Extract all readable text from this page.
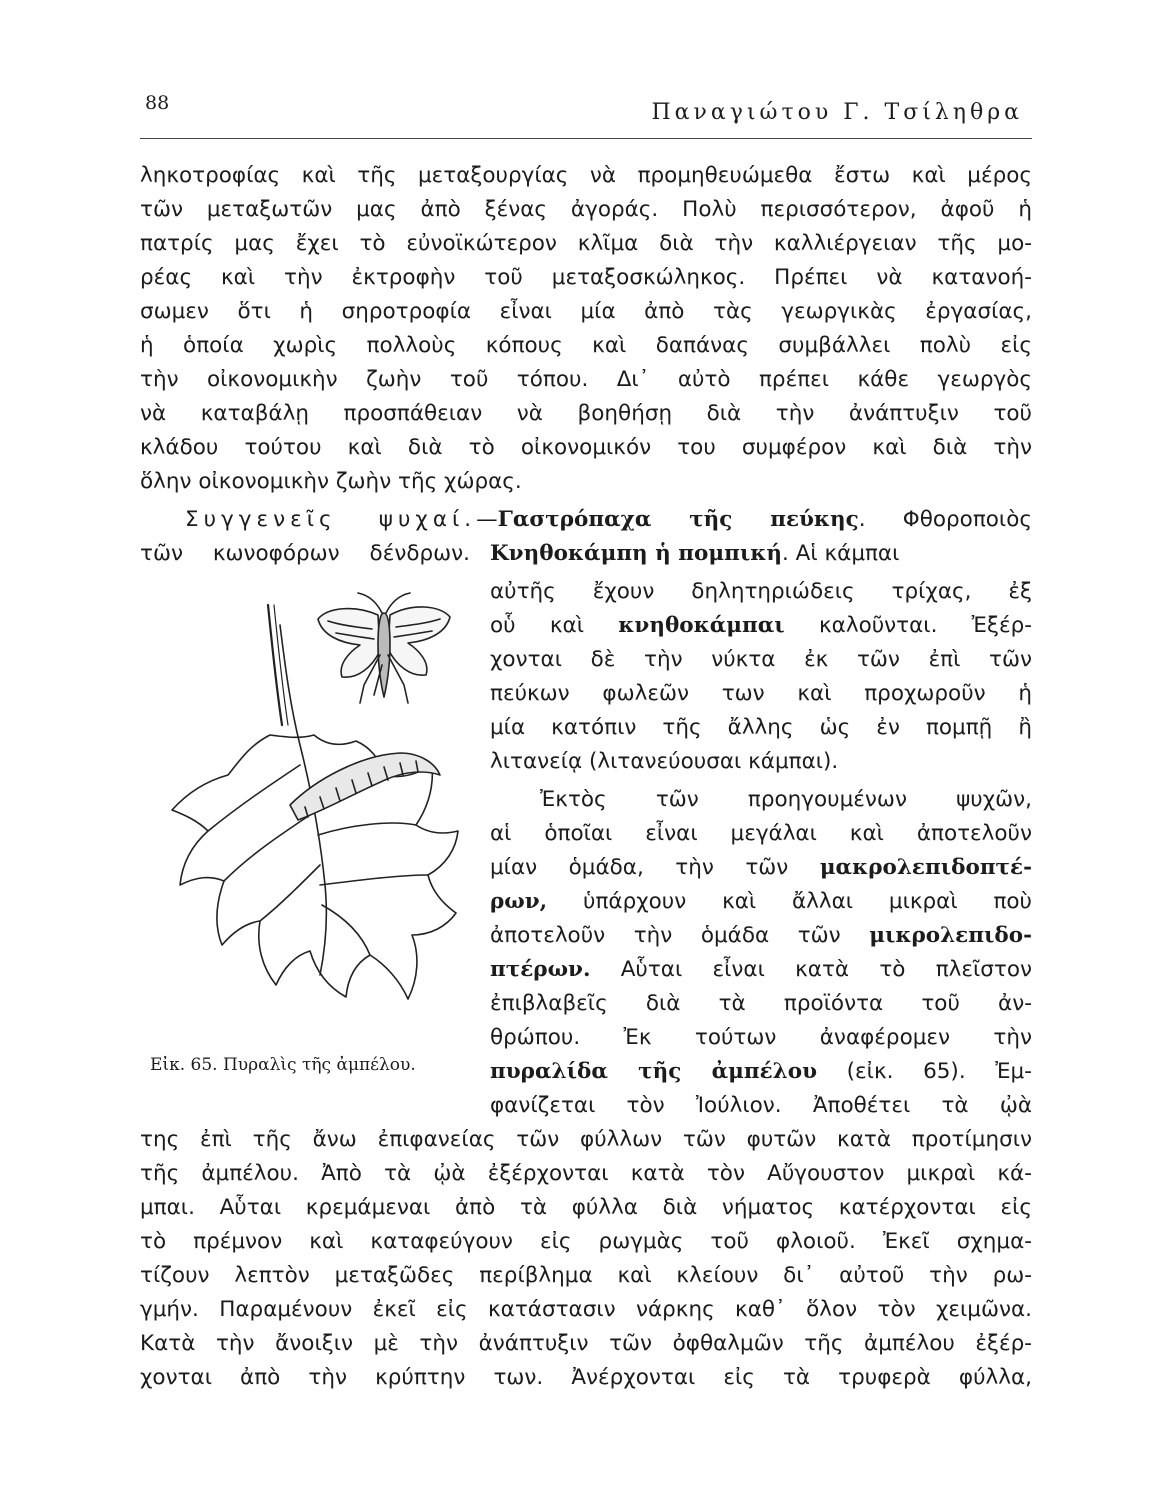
88	Παναγιώτου Γ. Τσίληθρα
ληκοτροφίας καὶ τῆς μεταξουργίας νὰ προμηθευώμεθα ἔστω καὶ μέρος
τῶν μεταξωτῶν μας ἀπὸ ξένας ἀγοράς. Πολὺ περισσότερον, ἀφοῦ ἡ
πατρίς μας ἔχει τὸ εὐνοϊκώτερον κλῖμα διὰ τὴν καλλιέργειαν τῆς μο-
ρέας καὶ τὴν ἐκτροφὴν τοῦ μεταξοσκώληκος. Πρέπει νὰ κατανοή-
σωμεν ὅτι ἡ σηροτροφία εἶναι μία ἀπὸ τὰς γεωργικὰς ἐργασίας,
ἡ ὁποία χωρὶς πολλοὺς κόπους καὶ δαπάνας συμβάλλει πολὺ εἰς
τὴν οἰκονομικὴν ζωὴν τοῦ τόπου. Δι᾽ αὐτὸ πρέπει κάθε γεωργὸς
νὰ καταβάλῃ προσπάθειαν νὰ βοηθήσῃ διὰ τὴν ἀνάπτυξιν τοῦ
κλάδου τούτου καὶ διὰ τὸ οἰκονομικόν του συμφέρον καὶ διὰ τὴν
ὅλην οἰκονομικὴν ζωὴν τῆς χώρας.
Συγγενεῖς ψυχαί.—Γαστρόπαχα τῆς πεύκης. Φθοροποιὸς
τῶν κωνοφόρων δένδρων. Κνηθοκάμπη ἡ πομπική. Αἱ κάμπαι
αὐτῆς ἔχουν δηλητηριώδεις τρίχας, ἐξ
οὗ καὶ κνηθοκάμπαι καλοῦνται. Ἐξέρ-
χονται δὲ τὴν νύκτα ἐκ τῶν ἐπὶ τῶν
πεύκων φωλεῶν των καὶ προχωροῦν ἡ
μία κατόπιν τῆς ἄλλης ὡς ἐν πομπῇ ἢ
λιτανείᾳ (λιτανεύουσαι κάμπαι).
Ἐκτὸς τῶν προηγουμένων ψυχῶν,
αἱ ὁποῖαι εἶναι μεγάλαι καὶ ἀποτελοῦν
μίαν ὁμάδα, τὴν τῶν μακρολεπιδοπτέ-
ρων, ὑπάρχουν καὶ ἄλλαι μικραὶ ποὺ
ἀποτελοῦν τὴν ὁμάδα τῶν μικρολεπιδο-
πτέρων. Αὗται εἶναι κατὰ τὸ πλεῖστον
ἐπιβλαβεῖς διὰ τὰ προϊόντα τοῦ ἀν-
θρώπου. Ἐκ τούτων ἀναφέρομεν τὴν
πυραλίδα τῆς ἀμπέλου (εἰκ. 65). Ἐμ-
φανίζεται τὸν Ἰούλιον. Ἀποθέτει τὰ ᾠὰ
της ἐπὶ τῆς ἄνω ἐπιφανείας τῶν φύλλων τῶν φυτῶν κατὰ προτίμησιν
τῆς ἀμπέλου. Ἀπὸ τὰ ᾠὰ ἐξέρχονται κατὰ τὸν Αὔγουστον μικραὶ κά-
μπαι. Αὗται κρεμάμεναι ἀπὸ τὰ φύλλα διὰ νήματος κατέρχονται εἰς
τὸ πρέμνον καὶ καταφεύγουν εἰς ρωγμὰς τοῦ φλοιοῦ. Ἐκεῖ σχημα-
τίζουν λεπτὸν μεταξῶδες περίβλημα καὶ κλείουν δι᾽ αὐτοῦ τὴν ρω-
γμήν. Παραμένουν ἐκεῖ εἰς κατάστασιν νάρκης καθ᾽ ὅλον τὸν χειμῶνα.
Κατὰ τὴν ἄνοιξιν μὲ τὴν ἀνάπτυξιν τῶν ὀφθαλμῶν τῆς ἀμπέλου ἐξέρ-
χονται ἀπὸ τὴν κρύπτην των. Ἀνέρχονται εἰς τὰ τρυφερὰ φύλλα,
Εἰκ. 65. Πυραλὶς τῆς ἀμπέλου.
